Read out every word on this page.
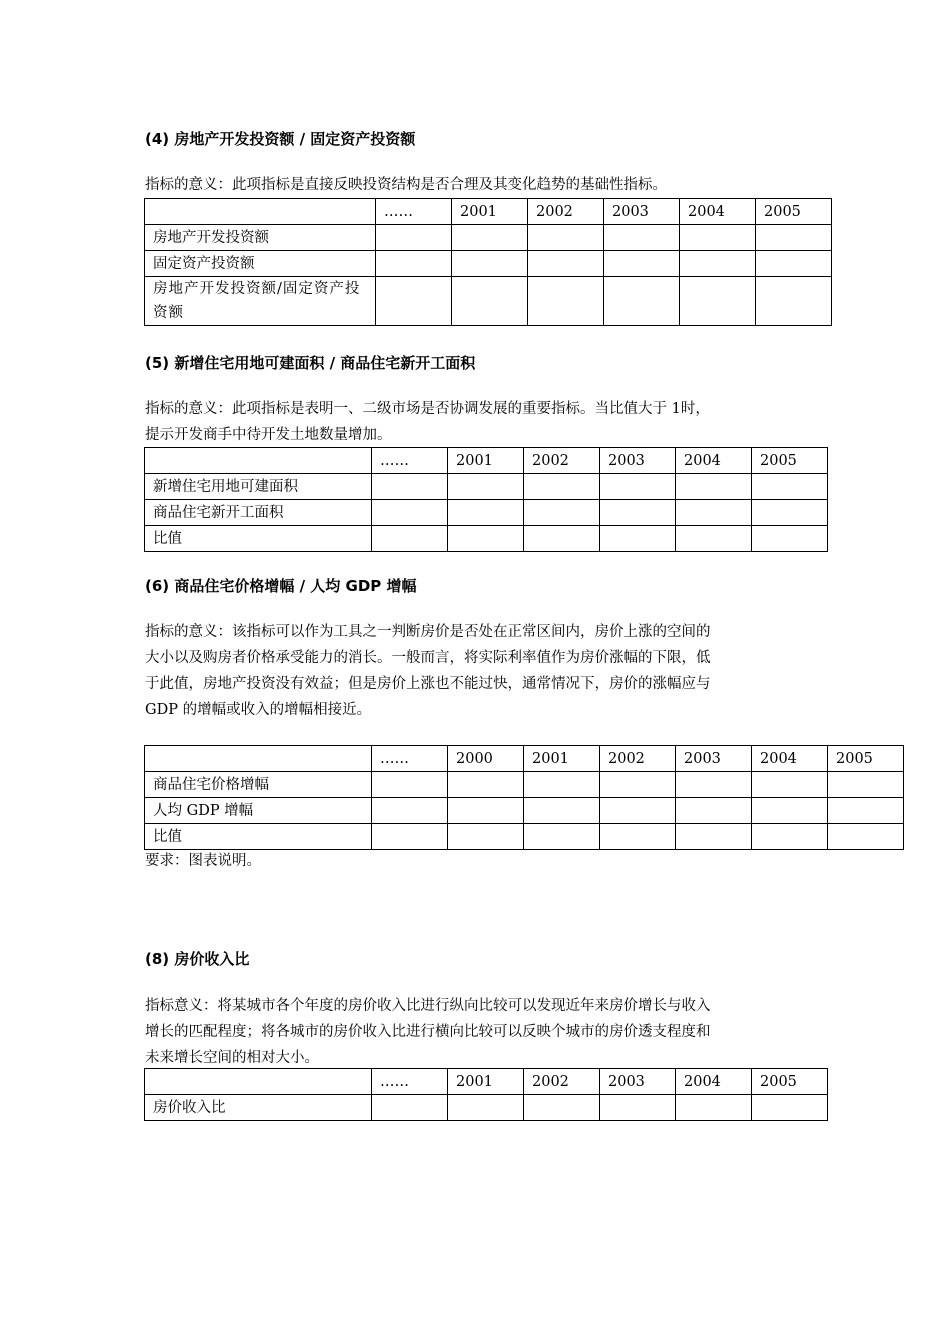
(4) 房地产开发投资额 / 固定资产投资额
指标的意义：此项指标是直接反映投资结构是否合理及其变化趋势的基础性指标。
	……	2001	2002	2003	2004	2005
房地产开发投资额						
固定资产投资额						
房地产开发投资额/固定资产投资额						
(5) 新增住宅用地可建面积 / 商品住宅新开工面积
指标的意义：此项指标是表明一、二级市场是否协调发展的重要指标。当比值大于 1时，
提示开发商手中待开发土地数量增加。
	……	2001	2002	2003	2004	2005
新增住宅用地可建面积						
商品住宅新开工面积						
比值						
(6) 商品住宅价格增幅 / 人均 GDP 增幅
指标的意义：该指标可以作为工具之一判断房价是否处在正常区间内，房价上涨的空间的
大小以及购房者价格承受能力的消长。一般而言，将实际利率值作为房价涨幅的下限，低
于此值，房地产投资没有效益；但是房价上涨也不能过快，通常情况下，房价的涨幅应与
GDP 的增幅或收入的增幅相接近。
	……	2000	2001	2002	2003	2004	2005
商品住宅价格增幅							
人均 GDP 增幅							
比值							
要求：图表说明。
(8) 房价收入比
指标意义：将某城市各个年度的房价收入比进行纵向比较可以发现近年来房价增长与收入
增长的匹配程度；将各城市的房价收入比进行横向比较可以反映个城市的房价透支程度和
未来增长空间的相对大小。
	……	2001	2002	2003	2004	2005
房价收入比						
